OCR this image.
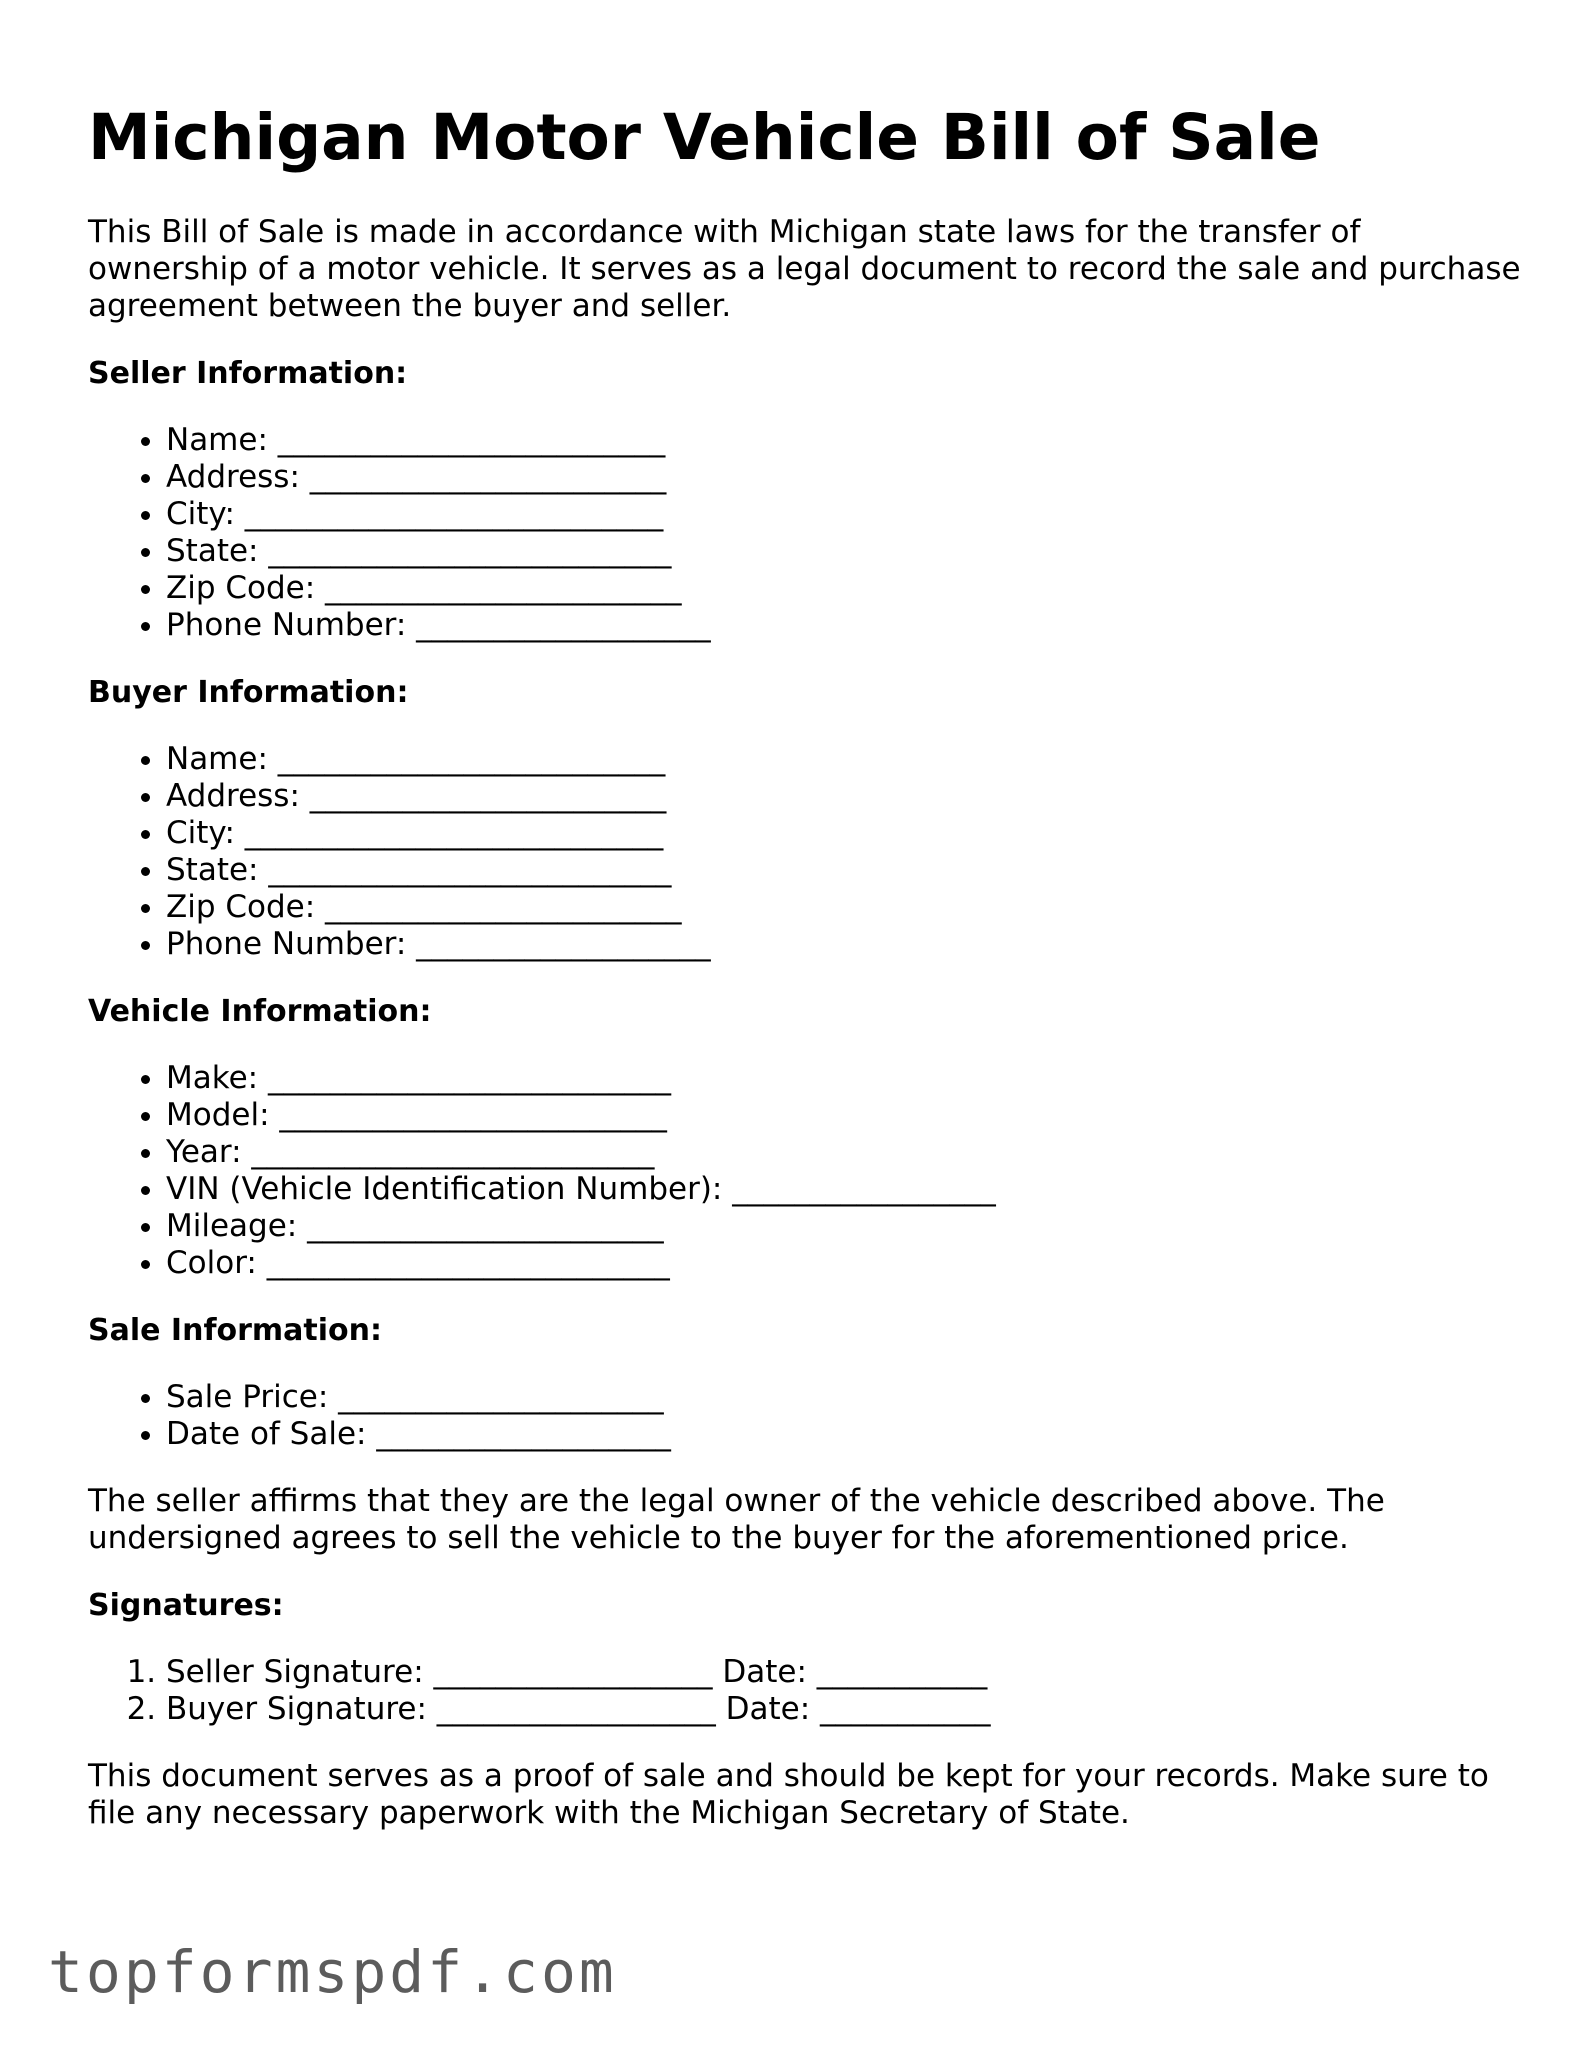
Michigan Motor Vehicle Bill of Sale

This Bill of Sale is made in accordance with Michigan state laws for the transfer of ownership of a motor vehicle. It serves as a legal document to record the sale and purchase agreement between the buyer and seller.

Seller Information:
• Name: _________________________
• Address: _______________________
• City: ___________________________
• State: __________________________
• Zip Code: _______________________
• Phone Number: ___________________
Buyer Information:
• Name: _________________________
• Address: _______________________
• City: ___________________________
• State: __________________________
• Zip Code: _______________________
• Phone Number: ___________________
Vehicle Information:
• Make: __________________________
• Model: _________________________
• Year: __________________________
• VIN (Vehicle Identification Number): _________________
• Mileage: _______________________
• Color: __________________________
Sale Information:
• Sale Price: _____________________
• Date of Sale: ___________________

The seller affirms that they are the legal owner of the vehicle described above. The undersigned agrees to sell the vehicle to the buyer for the aforementioned price.

Signatures:
1. Seller Signature: __________________ Date: ___________
2. Buyer Signature: __________________ Date: ___________

This document serves as a proof of sale and should be kept for your records. Make sure to file any necessary paperwork with the Michigan Secretary of State.

topformspdf.com
